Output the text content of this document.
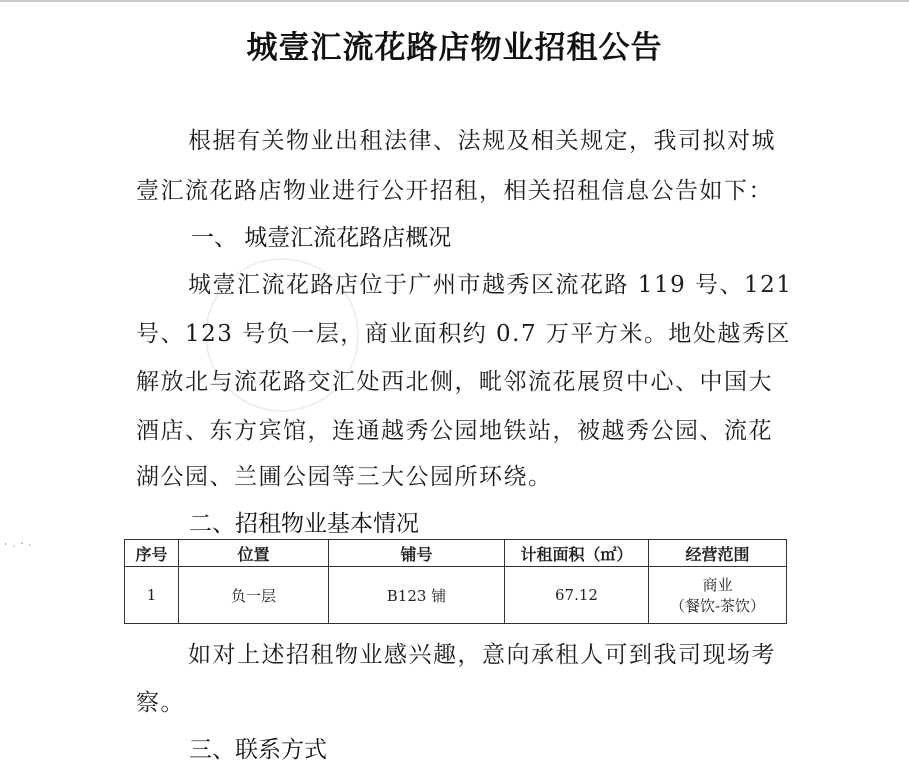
城壹汇流花路店物业招租公告
根据有关物业出租法律、法规及相关规定，我司拟对城
壹汇流花路店物业进行公开招租，相关招租信息公告如下：
一、 城壹汇流花路店概况
城壹汇流花路店位于广州市越秀区流花路 119 号、121
号、123 号负一层，商业面积约 0.7 万平方米。地处越秀区
解放北与流花路交汇处西北侧，毗邻流花展贸中心、中国大
酒店、东方宾馆，连通越秀公园地铁站，被越秀公园、流花
湖公园、兰圃公园等三大公园所环绕。
二、招租物业基本情况
序号	位置	铺号	计租面积（㎡）	经营范围
1	负一层	B123 铺	67.12	商业
（餐饮-茶饮）
如对上述招租物业感兴趣，意向承租人可到我司现场考
察。
三、联系方式
